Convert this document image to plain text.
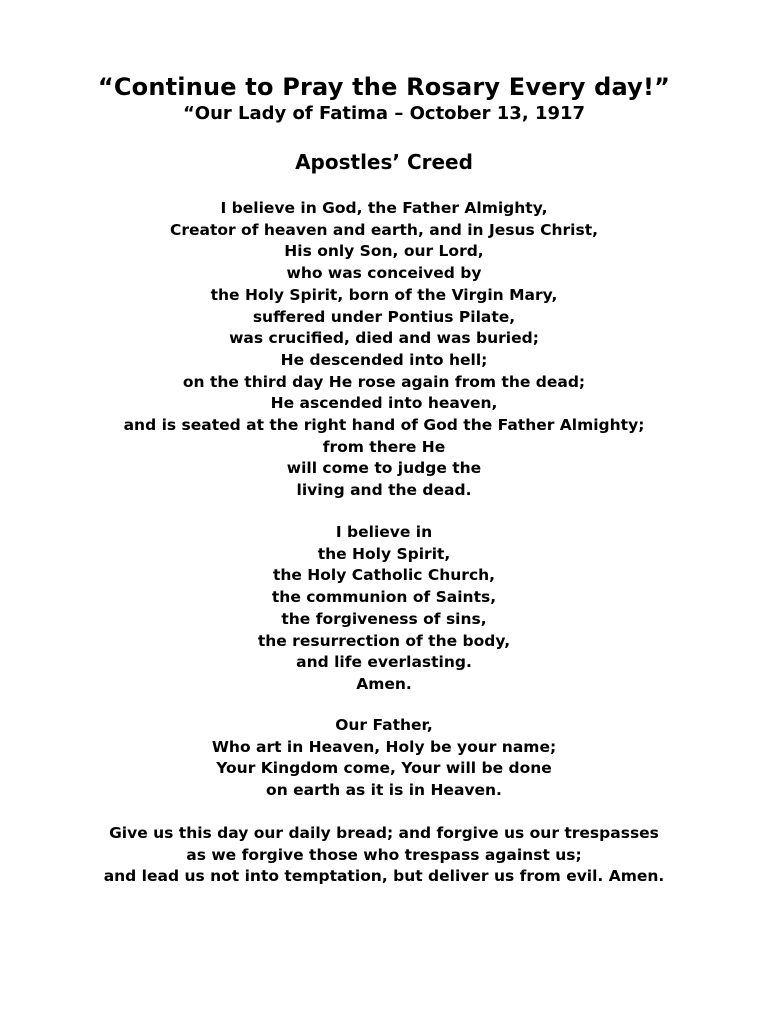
“Continue to Pray the Rosary Every day!”
“Our Lady of Fatima – October 13, 1917
Apostles’ Creed
I believe in God, the Father Almighty,
Creator of heaven and earth, and in Jesus Christ,
His only Son, our Lord,
who was conceived by
the Holy Spirit, born of the Virgin Mary,
suffered under Pontius Pilate,
was crucified, died and was buried;
He descended into hell;
on the third day He rose again from the dead;
He ascended into heaven,
and is seated at the right hand of God the Father Almighty;
from there He
will come to judge the
living and the dead.
I believe in
the Holy Spirit,
the Holy Catholic Church,
the communion of Saints,
the forgiveness of sins,
the resurrection of the body,
and life everlasting.
Amen.
Our Father,
Who art in Heaven, Holy be your name;
Your Kingdom come, Your will be done
on earth as it is in Heaven.
Give us this day our daily bread; and forgive us our trespasses
as we forgive those who trespass against us;
and lead us not into temptation, but deliver us from evil. Amen.
